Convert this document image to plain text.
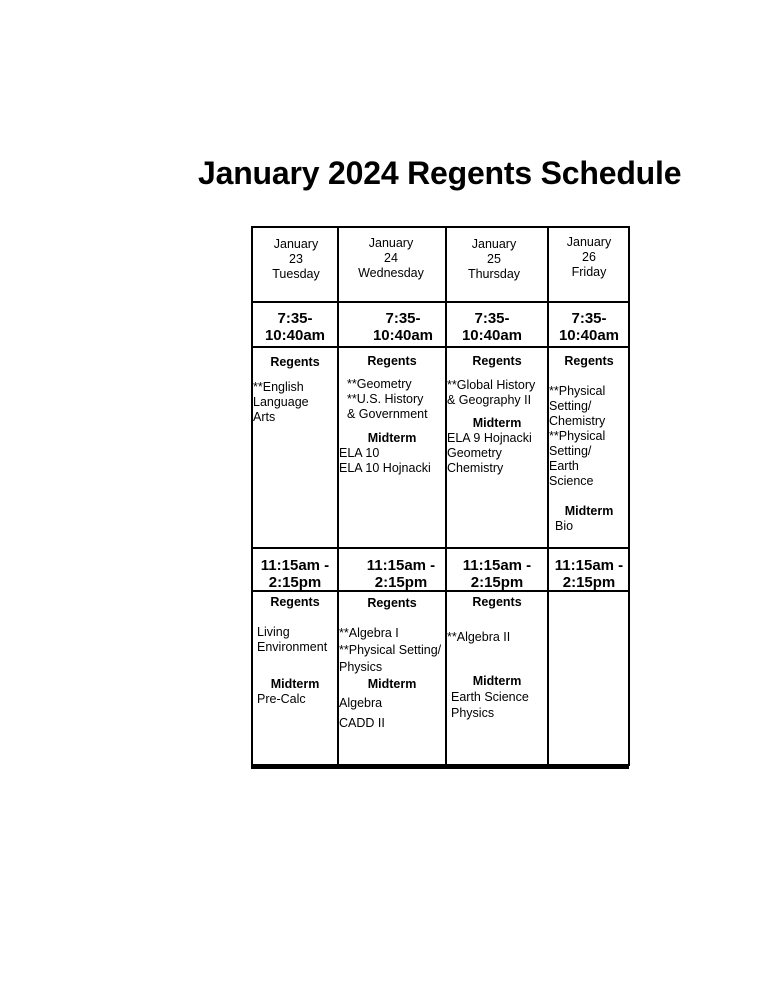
January 2024 Regents Schedule
January
23
Tuesday
January
24
Wednesday
January
25
Thursday
January
26
Friday
7:35-
10:40am
7:35-
10:40am
7:35-
10:40am
7:35-
10:40am
Regents
**English
Language
Arts
Regents
**Geometry
**U.S. History
& Government
Midterm
ELA 10
ELA 10 Hojnacki
Regents
**Global History
& Geography II
Midterm
ELA 9 Hojnacki
Geometry
Chemistry
Regents
**Physical
Setting/
Chemistry
**Physical
Setting/
Earth
Science
Midterm
Bio
11:15am -
2:15pm
11:15am -
2:15pm
11:15am -
2:15pm
11:15am -
2:15pm
Regents
Living
Environment
Midterm
Pre-Calc
Regents
**Algebra I
**Physical Setting/
Physics
Midterm
Algebra
CADD II
Regents
**Algebra II
Midterm
Earth Science
Physics
